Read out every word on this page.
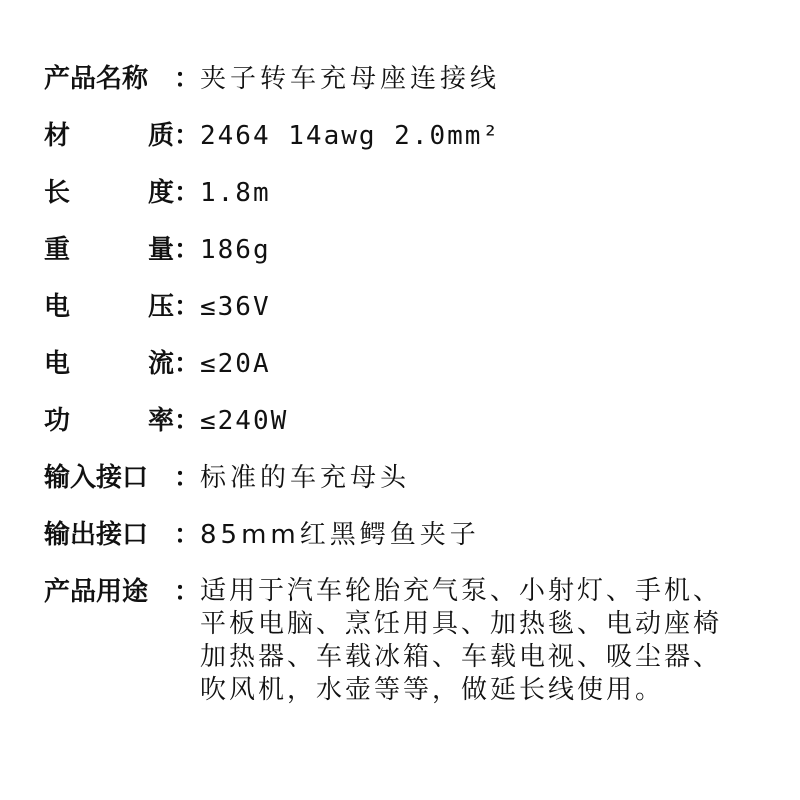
产品名称 ： 夹子转车充母座连接线
材	质 ： 2464 14awg 2.0mm²
长	度 ： 1.8m
重	量 ： 186g
电	压 ： ≤36V
电	流 ： ≤20A
功	率 ： ≤240W
输入接口 ： 标准的车充母头
输出接口 ： 85mm红黑鳄鱼夹子
产品用途 ： 适用于汽车轮胎充气泵、小射灯、手机、
平板电脑、烹饪用具、加热毯、电动座椅
加热器、车载冰箱、车载电视、吸尘器、
吹风机，水壶等等，做延长线使用。
